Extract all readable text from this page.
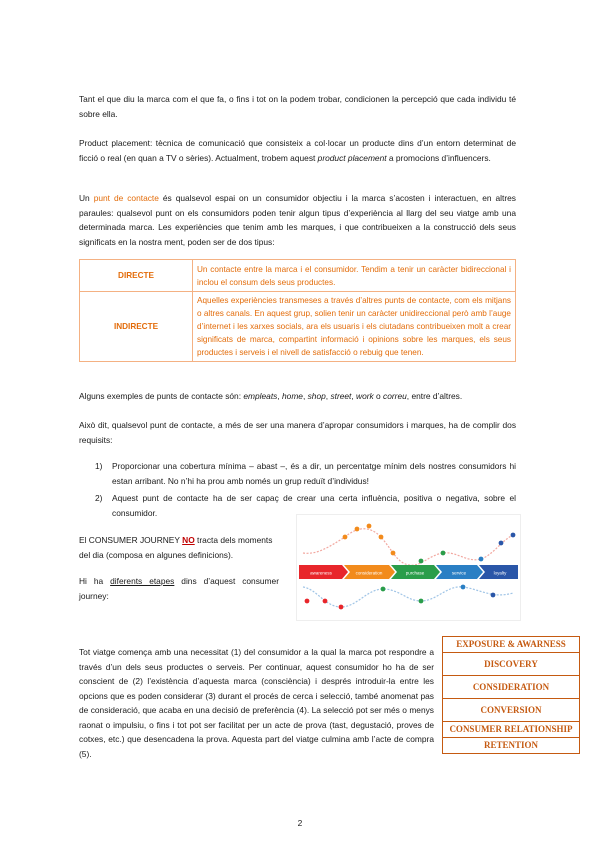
Tant el que diu la marca com el que fa, o fins i tot on la podem trobar, condicionen la percepció que cada individu té sobre ella.

Product placement: tècnica de comunicació que consisteix a col·locar un producte dins d’un entorn determinat de ficció o real (en quan a TV o sèries). Actualment, trobem aquest product placement a promocions d’influencers.

Un punt de contacte és qualsevol espai on un consumidor objectiu i la marca s’acosten i interactuen, en altres paraules: qualsevol punt on els consumidors poden tenir algun tipus d’experiència al llarg del seu viatge amb una determinada marca. Les experiències que tenim amb les marques, i que contribueixen a la construcció dels seus significats en la nostra ment, poden ser de dos tipus:

DIRECTE	Un contacte entre la marca i el consumidor. Tendim a tenir un caràcter bidireccional i inclou el consum dels seus productes.
INDIRECTE	Aquelles experiències transmeses a través d’altres punts de contacte, com els mitjans o altres canals. En aquest grup, solien tenir un caràcter unidireccional però amb l’auge d’internet i les xarxes socials, ara els usuaris i els ciutadans contribueixen molt a crear significats de marca, compartint informació i opinions sobre les marques, els seus productes i serveis i el nivell de satisfacció o rebuig que tenen.

Alguns exemples de punts de contacte són: empleats, home, shop, street, work o correu, entre d’altres.

Això dit, qualsevol punt de contacte, a més de ser una manera d’apropar consumidors i marques, ha de complir dos requisits:

1) Proporcionar una cobertura mínima – abast –, és a dir, un percentatge mínim dels nostres consumidors hi estan arribant. No n’hi ha prou amb només un grup reduït d’individus!
2) Aquest punt de contacte ha de ser capaç de crear una certa influència, positiva o negativa, sobre el consumidor.

El CONSUMER JOURNEY NO tracta dels moments del dia (composa en algunes definicions).

Hi ha diferents etapes dins d’aquest consumer journey:

awareness	consideration	purchase	service	loyalty

Tot viatge comença amb una necessitat (1) del consumidor a la qual la marca pot respondre a través d’un dels seus productes o serveis. Per continuar, aquest consumidor ho ha de ser conscient de (2) l’existència d’aquesta marca (consciència) i després introduir-la entre les opcions que es poden considerar (3) durant el procés de cerca i selecció, també anomenat pas de consideració, que acaba en una decisió de preferència (4). La selecció pot ser més o menys raonat o impulsiu, o fins i tot pot ser facilitat per un acte de prova (tast, degustació, proves de cotxes, etc.) que desencadena la prova. Aquesta part del viatge culmina amb l’acte de compra (5).

EXPOSURE & AWARNESS
DISCOVERY
CONSIDERATION
CONVERSION
CONSUMER RELATIONSHIP
RETENTION
2
